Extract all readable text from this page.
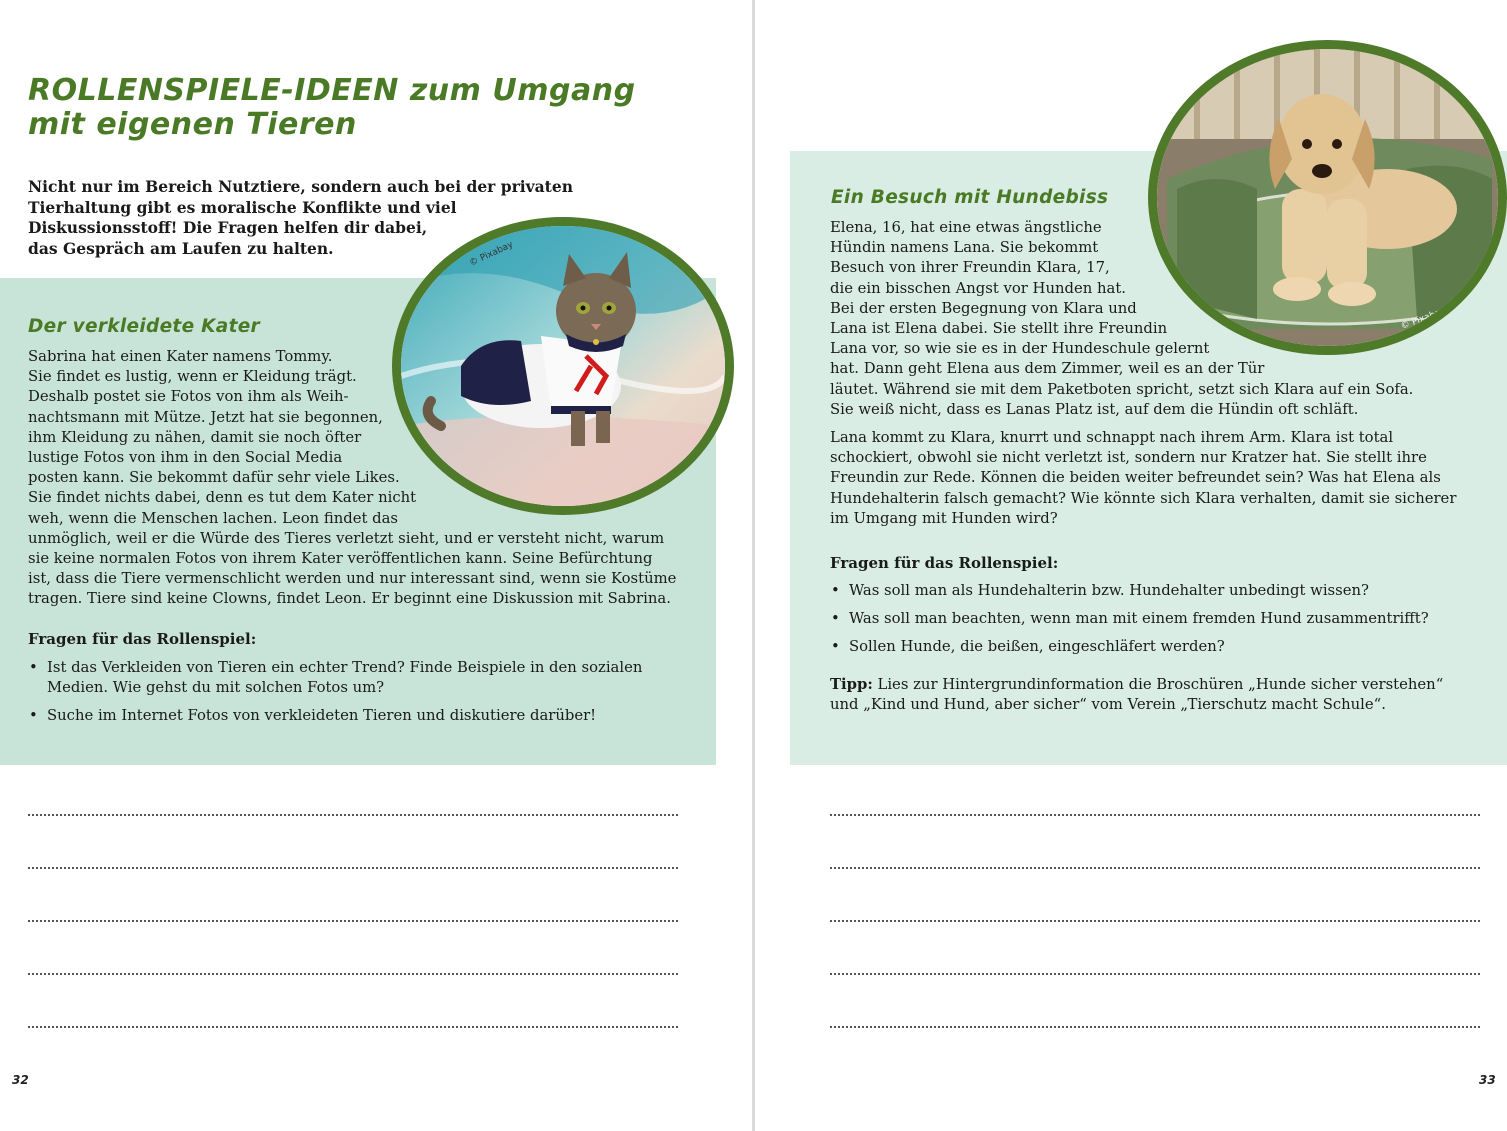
ROLLENSPIELE-IDEEN zum Umgang
mit eigenen Tieren

Nicht nur im Bereich Nutztiere, sondern auch bei der privaten
Tierhaltung gibt es moralische Konflikte und viel
Diskussionsstoff! Die Fragen helfen dir dabei,
das Gespräch am Laufen zu halten.

Der verkleidete Kater

Sabrina hat einen Kater namens Tommy.
Sie findet es lustig, wenn er Kleidung trägt.
Deshalb postet sie Fotos von ihm als Weih-
nachtsmann mit Mütze. Jetzt hat sie begonnen,
ihm Kleidung zu nähen, damit sie noch öfter
lustige Fotos von ihm in den Social Media
posten kann. Sie bekommt dafür sehr viele Likes.
Sie findet nichts dabei, denn es tut dem Kater nicht
weh, wenn die Menschen lachen. Leon findet das
unmöglich, weil er die Würde des Tieres verletzt sieht, und er versteht nicht, warum
sie keine normalen Fotos von ihrem Kater veröffentlichen kann. Seine Befürchtung
ist, dass die Tiere vermenschlicht werden und nur interessant sind, wenn sie Kostüme
tragen. Tiere sind keine Clowns, findet Leon. Er beginnt eine Diskussion mit Sabrina.

Fragen für das Rollenspiel:

• Ist das Verkleiden von Tieren ein echter Trend? Finde Beispiele in den sozialen Medien. Wie gehst du mit solchen Fotos um?
• Suche im Internet Fotos von verkleideten Tieren und diskutiere darüber!
© Pixabay

32

Ein Besuch mit Hundebiss

Elena, 16, hat eine etwas ängstliche
Hündin namens Lana. Sie bekommt
Besuch von ihrer Freundin Klara, 17,
die ein bisschen Angst vor Hunden hat.
Bei der ersten Begegnung von Klara und
Lana ist Elena dabei. Sie stellt ihre Freundin
Lana vor, so wie sie es in der Hundeschule gelernt
hat. Dann geht Elena aus dem Zimmer, weil es an der Tür
läutet. Während sie mit dem Paketboten spricht, setzt sich Klara auf ein Sofa.
Sie weiß nicht, dass es Lanas Platz ist, auf dem die Hündin oft schläft.

Lana kommt zu Klara, knurrt und schnappt nach ihrem Arm. Klara ist total schockiert, obwohl sie nicht verletzt ist, sondern nur Kratzer hat. Sie stellt ihre Freundin zur Rede. Können die beiden weiter befreundet sein? Was hat Elena als Hundehalterin falsch gemacht? Wie könnte sich Klara verhalten, damit sie sicherer im Umgang mit Hunden wird?

Fragen für das Rollenspiel:

• Was soll man als Hundehalterin bzw. Hundehalter unbedingt wissen?
• Was soll man beachten, wenn man mit einem fremden Hund zusammentrifft?
• Sollen Hunde, die beißen, eingeschläfert werden?

Tipp: Lies zur Hintergrundinformation die Broschüren „Hunde sicher verstehen“
und „Kind und Hund, aber sicher“ vom Verein „Tierschutz macht Schule“.

© Pixabay

33
